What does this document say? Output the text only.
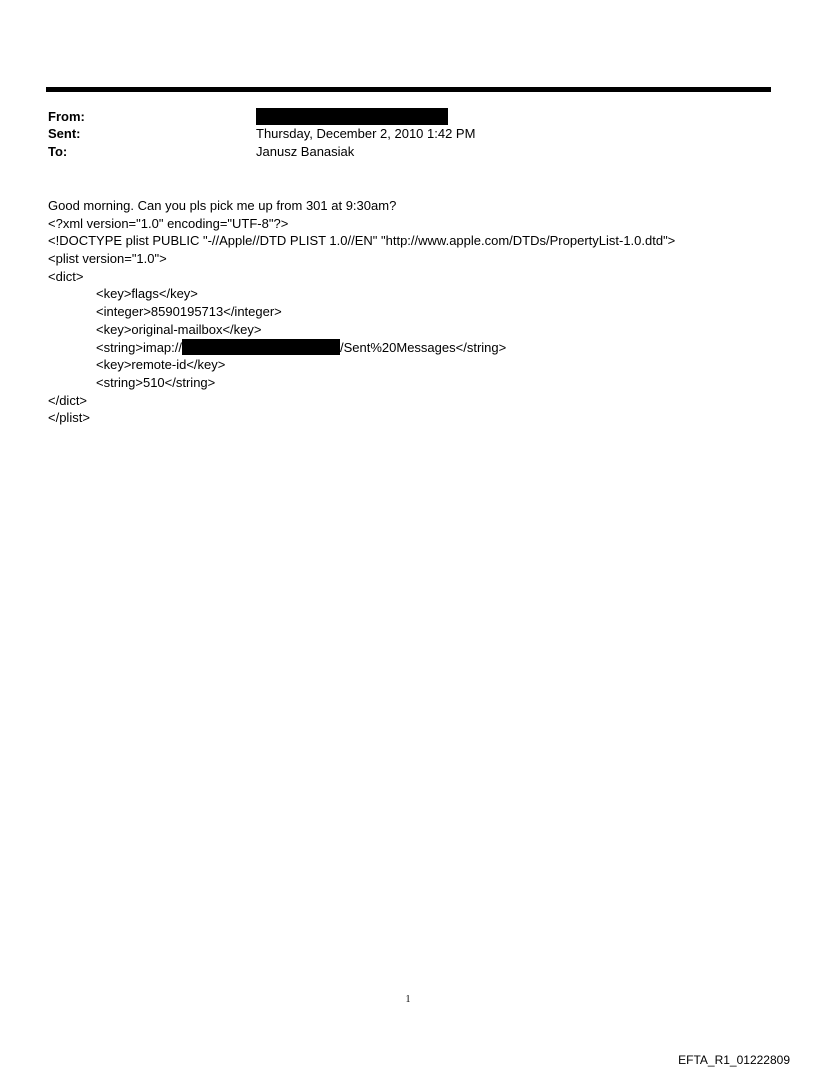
From:
Sent:	Thursday, December 2, 2010 1:42 PM
To:	Janusz Banasiak
Good morning. Can you pls pick me up from 301 at 9:30am?
<?xml version="1.0" encoding="UTF-8"?>
<!DOCTYPE plist PUBLIC "-//Apple//DTD PLIST 1.0//EN" "http://www.apple.com/DTDs/PropertyList-1.0.dtd">
<plist version="1.0">
<dict>
<key>flags</key>
<integer>8590195713</integer>
<key>original-mailbox</key>
<string>imap://	/Sent%20Messages</string>
<key>remote-id</key>
<string>510</string>
</dict>
</plist>
1
EFTA_R1_01222809
